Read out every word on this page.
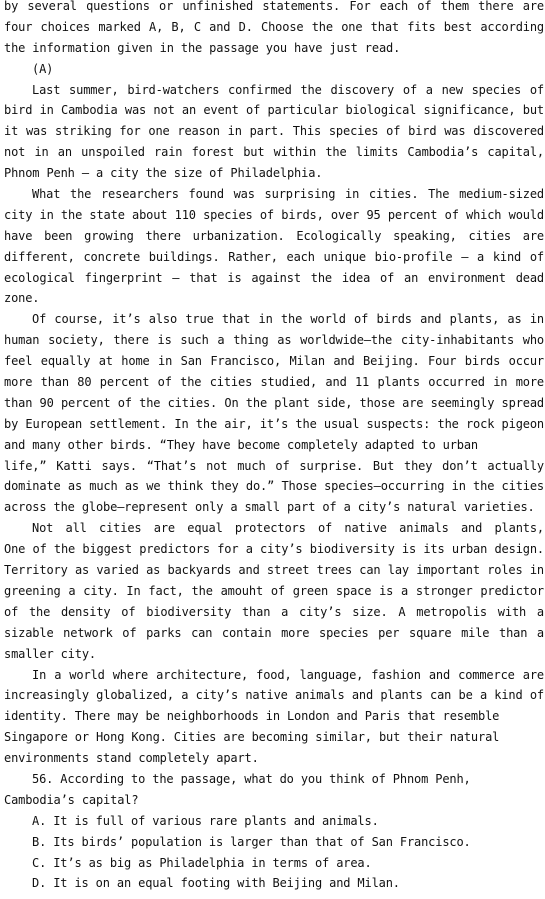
by several questions or unfinished statements. For each of them there are
four choices marked A, B, C and D. Choose the one that fits best according
the information given in the passage you have just read.
(A)
Last summer, bird-watchers confirmed the discovery of a new species of
bird in Cambodia was not an event of particular biological significance, but
it was striking for one reason in part. This species of bird was discovered
not in an unspoiled rain forest but within the limits Cambodia’s capital,
Phnom Penh – a city the size of Philadelphia.
What the researchers found was surprising in cities. The medium-sized
city in the state about 110 species of birds, over 95 percent of which would
have been growing there urbanization. Ecologically speaking, cities are
different, concrete buildings. Rather, each unique bio-profile – a kind of
ecological fingerprint – that is against the idea of an environment dead
zone.
Of course, it’s also true that in the world of birds and plants, as in
human society, there is such a thing as worldwide—the city-inhabitants who
feel equally at home in San Francisco, Milan and Beijing. Four birds occur
more than 80 percent of the cities studied, and 11 plants occurred in more
than 90 percent of the cities. On the plant side, those are seemingly spread
by European settlement. In the air, it’s the usual suspects: the rock pigeon
and many other birds. “They have become completely adapted to urban
life,” Katti says. “That’s not much of surprise. But they don’t actually
dominate as much as we think they do.” Those species—occurring in the cities
across the globe—represent only a small part of a city’s natural varieties.
Not all cities are equal protectors of native animals and plants,
One of the biggest predictors for a city’s biodiversity is its urban design.
Territory as varied as backyards and street trees can lay important roles in
greening a city. In fact, the amouht of green space is a stronger predictor
of the density of biodiversity than a city’s size. A metropolis with a
sizable network of parks can contain more species per square mile than a
smaller city.
In a world where architecture, food, language, fashion and commerce are
increasingly globalized, a city’s native animals and plants can be a kind of
identity. There may be neighborhoods in London and Paris that resemble
Singapore or Hong Kong. Cities are becoming similar, but their natural
environments stand completely apart.
56. According to the passage, what do you think of Phnom Penh,
Cambodia’s capital?
A. It is full of various rare plants and animals.
B. Its birds’ population is larger than that of San Francisco.
C. It’s as big as Philadelphia in terms of area.
D. It is on an equal footing with Beijing and Milan.
